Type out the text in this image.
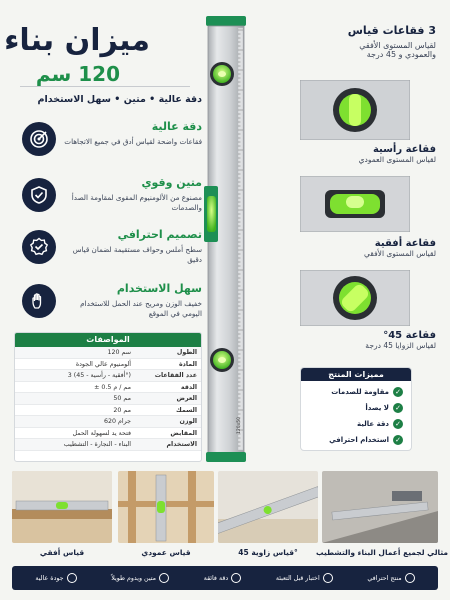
ميزان بناء
120 سم
دقة عالية • متين • سهل الاستخدام
دقة عالية
فقاعات واضحة لقياس أدق في جميع الاتجاهات
متين وقوي
مصنوع من الألومنيوم المقوى لمقاومة الصدأ والصدمات
تصميم احترافي
سطح أملس وحواف مستقيمة لضمان قياس دقيق
سهل الاستخدام
خفيف الوزن ومريح عند الحمل للاستخدام اليومي في الموقع
المواصفات
120 سم	الطول
ألومنيوم عالي الجودة	المادة
3 (أفقية - رأسية - 45°)	عدد الفقاعات
± 0.5 مم / م	الدقة
50 مم	العرض
20 مم	السمك
620 جرام	الوزن
فتحة يد لسهولة الحمل	المقابض
البناء - النجارة - التشطيب	الاستخدام
120x50
3 فقاعات قياس
لقياس المستوى الأفقي
والعمودي و 45 درجة
فقاعة رأسية
لقياس المستوى العمودي
فقاعة أفقية
لقياس المستوى الأفقي
فقاعة 45°
لقياس الزوايا 45 درجة
مميزات المنتج
مقاومة للصدمات ✓
لا يصدأ ✓
دقة عالية ✓
استخدام احترافي ✓
قياس أفقي	قياس عمودي	قياس زاوية 45°	مثالي لجميع أعمال البناء والتشطيب
منتج احترافي
اختبار قبل التعبئة
دقة فائقة
متين ويدوم طويلاً
جودة عالية
